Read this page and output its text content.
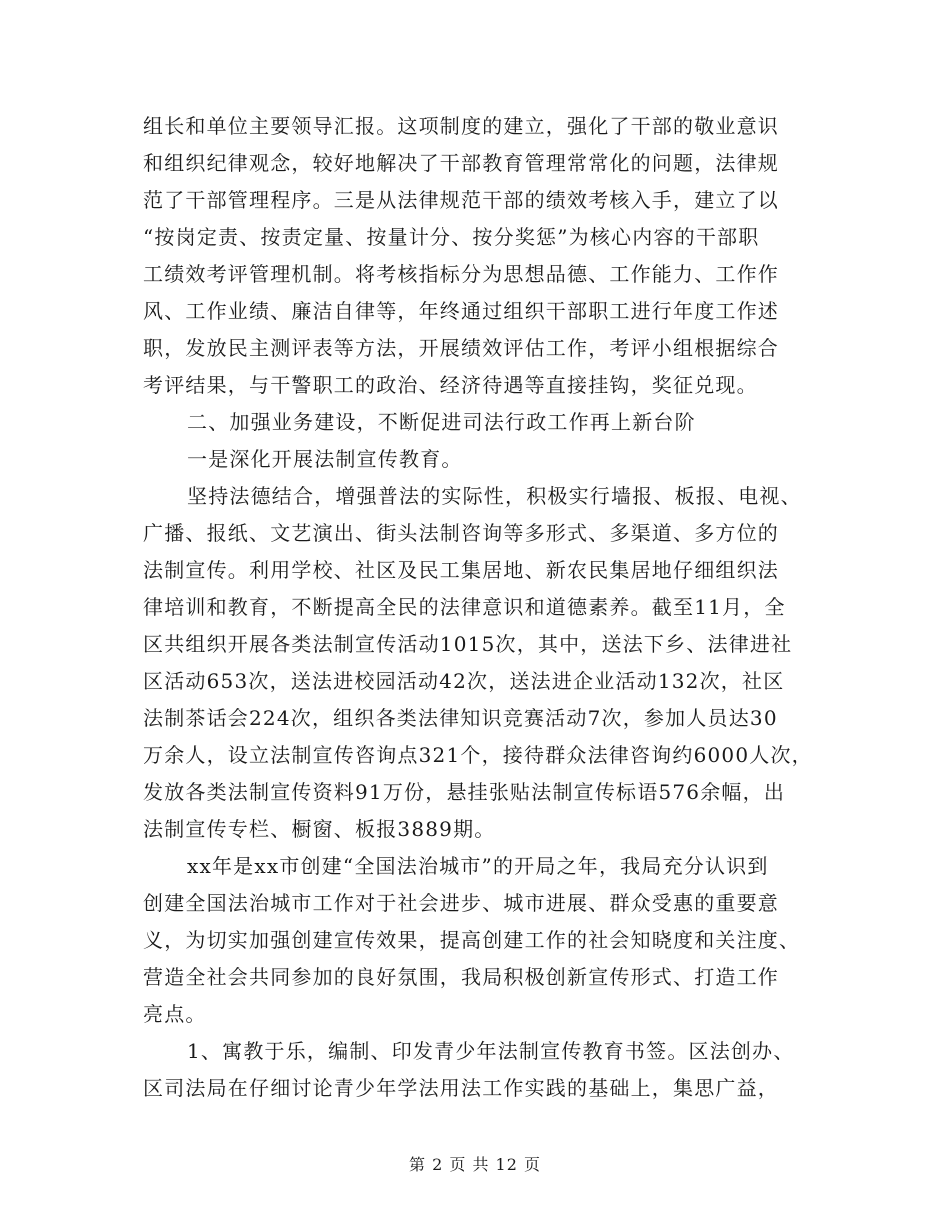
组长和单位主要领导汇报。这项制度的建立，强化了干部的敬业意识
和组织纪律观念，较好地解决了干部教育管理常常化的问题，法律规
范了干部管理程序。三是从法律规范干部的绩效考核入手，建立了以
“按岗定责、按责定量、按量计分、按分奖惩”为核心内容的干部职
工绩效考评管理机制。将考核指标分为思想品德、工作能力、工作作
风、工作业绩、廉洁自律等，年终通过组织干部职工进行年度工作述
职，发放民主测评表等方法，开展绩效评估工作，考评小组根据综合
考评结果，与干警职工的政治、经济待遇等直接挂钩，奖征兑现。
二、加强业务建设，不断促进司法行政工作再上新台阶
一是深化开展法制宣传教育。
坚持法德结合，增强普法的实际性，积极实行墙报、板报、电视、
广播、报纸、文艺演出、街头法制咨询等多形式、多渠道、多方位的
法制宣传。利用学校、社区及民工集居地、新农民集居地仔细组织法
律培训和教育，不断提高全民的法律意识和道德素养。截至11月，全
区共组织开展各类法制宣传活动1015次，其中，送法下乡、法律进社
区活动653次，送法进校园活动42次，送法进企业活动132次，社区
法制茶话会224次，组织各类法律知识竞赛活动7次，参加人员达30
万余人，设立法制宣传咨询点321个，接待群众法律咨询约6000人次，
发放各类法制宣传资料91万份，悬挂张贴法制宣传标语576余幅，出
法制宣传专栏、橱窗、板报3889期。
xx年是xx市创建“全国法治城市”的开局之年，我局充分认识到
创建全国法治城市工作对于社会进步、城市进展、群众受惠的重要意
义，为切实加强创建宣传效果，提高创建工作的社会知晓度和关注度、
营造全社会共同参加的良好氛围，我局积极创新宣传形式、打造工作
亮点。
1、寓教于乐，编制、印发青少年法制宣传教育书签。区法创办、
区司法局在仔细讨论青少年学法用法工作实践的基础上，集思广益，
第 2 页 共 12 页
